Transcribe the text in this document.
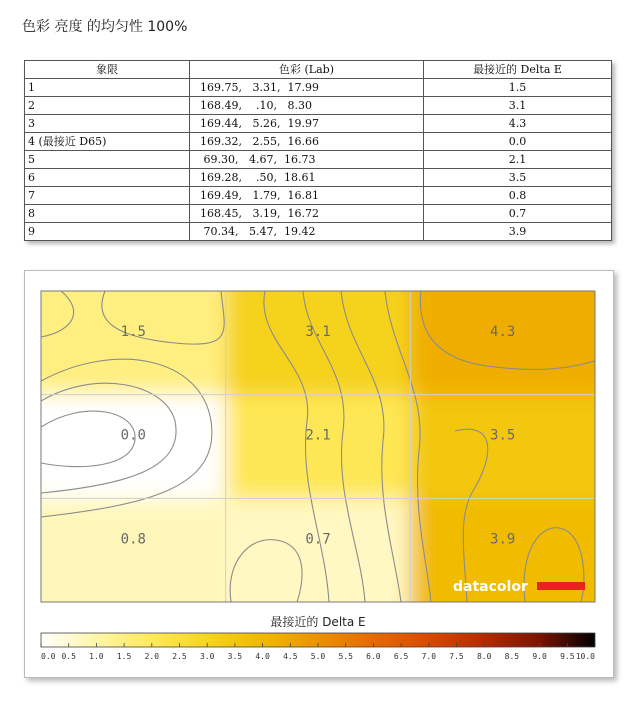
色彩 亮度 的均匀性 100%
象限	色彩 (Lab)	最接近的 Delta E
1	169.75,   3.31,  17.99	1.5
2	168.49,    .10,   8.30	3.1
3	169.44,   5.26,  19.97	4.3
4 (最接近 D65)	169.32,   2.55,  16.66	0.0
5	69.30,   4.67,  16.73	2.1
6	169.28,    .50,  18.61	3.5
7	169.49,   1.79,  16.81	0.8
8	168.45,   3.19,  16.72	0.7
9	70.34,   5.47,  19.42	3.9
1.5	3.1	4.3
0.0	2.1	3.5
0.8	0.7	3.9
datacolor
最接近的 Delta E
0.0 0.5 1.0 1.5 2.0 2.5 3.0 3.5 4.0 4.5 5.0 5.5 6.0 6.5 7.0 7.5 8.0 8.5 9.0 9.5 10.0
